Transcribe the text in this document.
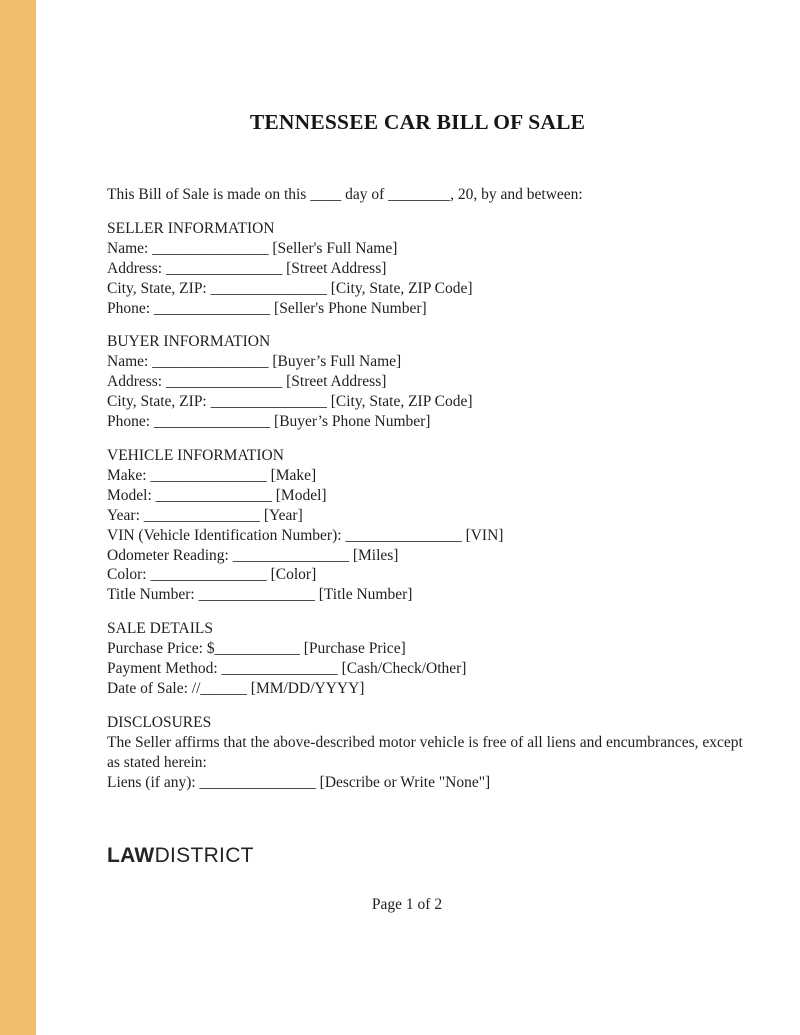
TENNESSEE CAR BILL OF SALE

This Bill of Sale is made on this ____ day of ________, 20, by and between:

SELLER INFORMATION
Name: _______________ [Seller's Full Name]
Address: _______________ [Street Address]
City, State, ZIP: _______________ [City, State, ZIP Code]
Phone: _______________ [Seller's Phone Number]
BUYER INFORMATION
Name: _______________ [Buyer’s Full Name]
Address: _______________ [Street Address]
City, State, ZIP: _______________ [City, State, ZIP Code]
Phone: _______________ [Buyer’s Phone Number]
VEHICLE INFORMATION
Make: _______________ [Make]
Model: _______________ [Model]
Year: _______________ [Year]
VIN (Vehicle Identification Number): _______________ [VIN]
Odometer Reading: _______________ [Miles]
Color: _______________ [Color]
Title Number: _______________ [Title Number]
SALE DETAILS
Purchase Price: $___________ [Purchase Price]
Payment Method: _______________ [Cash/Check/Other]
Date of Sale: //______ [MM/DD/YYYY]
DISCLOSURES
The Seller affirms that the above-described motor vehicle is free of all liens and encumbrances, except
as stated herein:
Liens (if any): _______________ [Describe or Write "None"]
LAWDISTRICT
Page 1 of 2
